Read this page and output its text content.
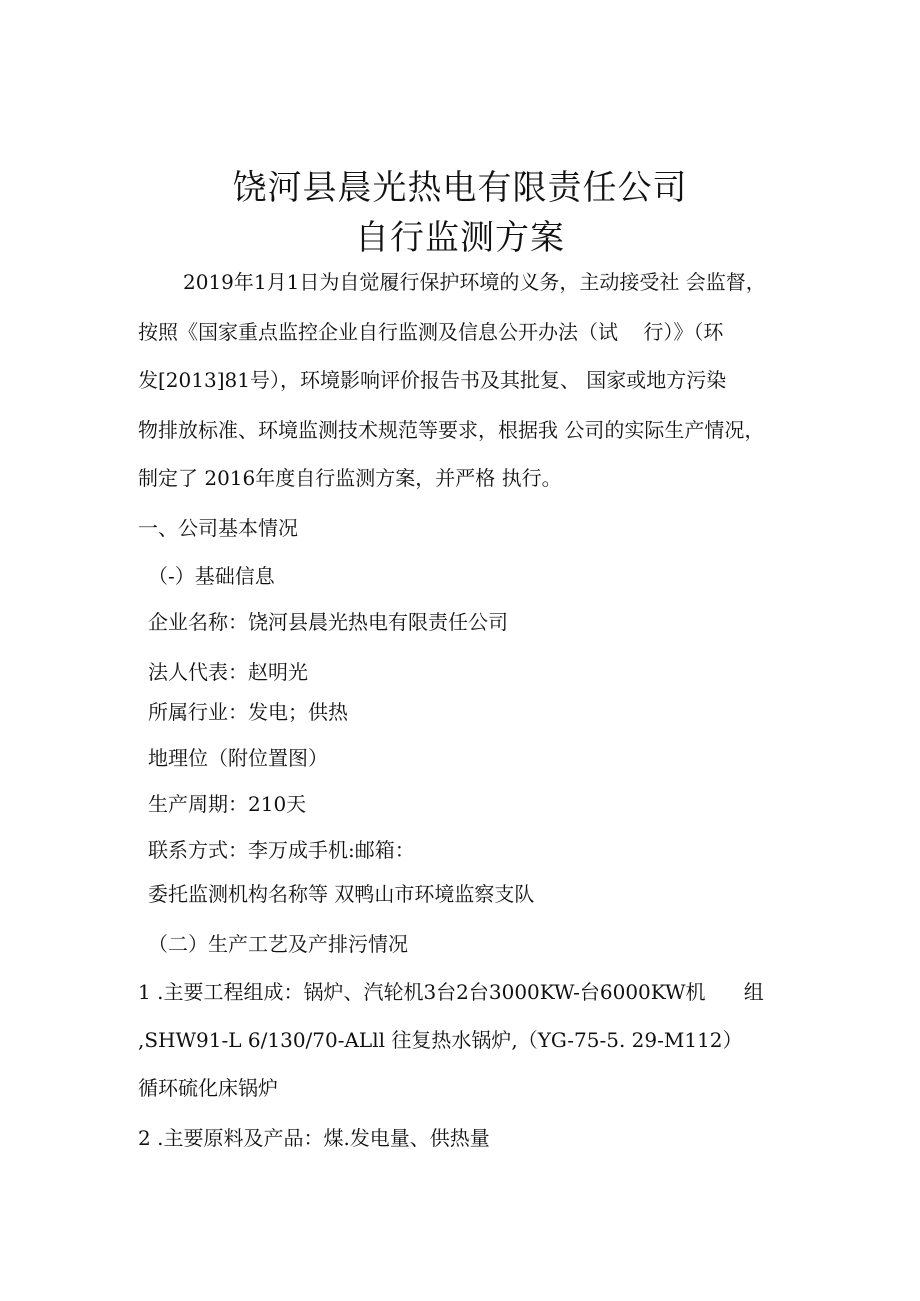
饶河县晨光热电有限责任公司
自行监测方案
2019年1月1日为自觉履行保护环境的义务，主动接受社 会监督，
按照《国家重点监控企业自行监测及信息公开办法（试    行）》（环
发[2013]81号），环境影响评价报告书及其批复、 国家或地方污染
物排放标准、环境监测技术规范等要求，根据我 公司的实际生产情况，
制定了 2016年度自行监测方案，并严格 执行。
一、公司基本情况
（-）基础信息
企业名称：饶河县晨光热电有限责任公司
法人代表：赵明光
所属行业：发电；供热
地理位（附位置图）
生产周期：210天
联系方式：李万成手机:邮箱：
委托监测机构名称等 双鸭山市环境监察支队
（二）生产工艺及产排污情况
1 .主要工程组成：锅炉、汽轮机3台2台3000KW-台6000KW机      组
,SHW91-L 6/130/70-ALll 往复热水锅炉,（YG-75-5. 29-M112）
循环硫化床锅炉
2 .主要原料及产品：煤.发电量、供热量
